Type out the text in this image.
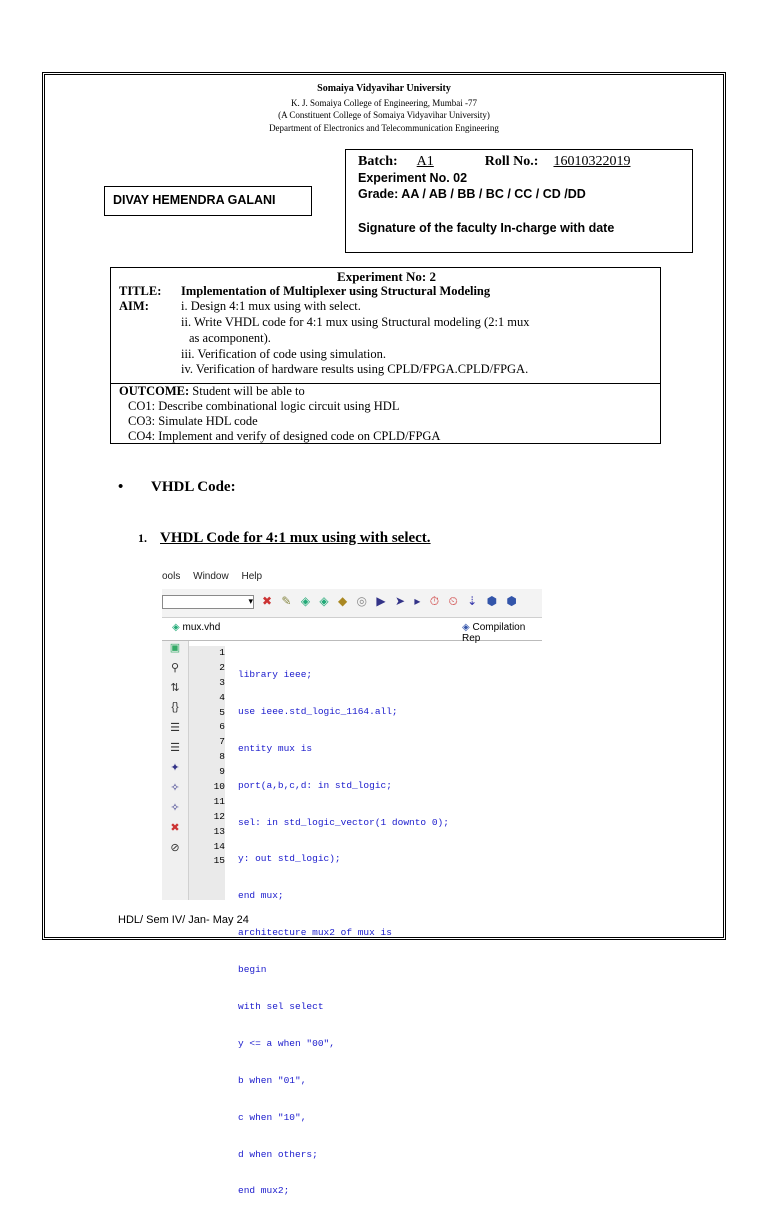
Somaiya Vidyavihar University
K. J. Somaiya College of Engineering, Mumbai -77
(A Constituent College of Somaiya Vidyavihar University)
Department of Electronics and Telecommunication Engineering
Batch: A1	Roll No.: 16010322019
Experiment No. 02
Grade: AA / AB / BB / BC / CC / CD /DD
Signature of the faculty In-charge with date
DIVAY HEMENDRA GALANI
Experiment No: 2
TITLE: Implementation of Multiplexer using Structural Modeling
AIM:	i. Design 4:1 mux using with select.
ii. Write VHDL code for 4:1 mux using Structural modeling (2:1 mux
as acomponent).
iii. Verification of code using simulation.
iv. Verification of hardware results using CPLD/FPGA.CPLD/FPGA.
OUTCOME: Student will be able to
CO1: Describe combinational logic circuit using HDL
CO3: Simulate HDL code
CO4: Implement and verify of designed code on CPLD/FPGA
• VHDL Code:
1. VHDL Code for 4:1 mux using with select.
ools Window Help
▾ ✖ ✎ ◈ ◈ ◆ ◎ ▶ ➤ ▸ ⏱ ⏲ ⇣ ⬢ ⬢
◈ mux.vhd	◈ Compilation Rep
▣
⚲
⇅
{}
☰
☰
✦
✧
✧
✖
⊘
1
2
3
4
5
6
7
8
9
10
11
12
13
14
15

library ieee;

use ieee.std_logic_1164.all;

entity mux is

port(a,b,c,d: in std_logic;

sel: in std_logic_vector(1 downto 0);

y: out std_logic);

end mux;

architecture mux2 of mux is

begin

with sel select

y <= a when "00",

b when "01",

c when "10",

d when others;

end mux2;

HDL/ Sem IV/ Jan- May 24
